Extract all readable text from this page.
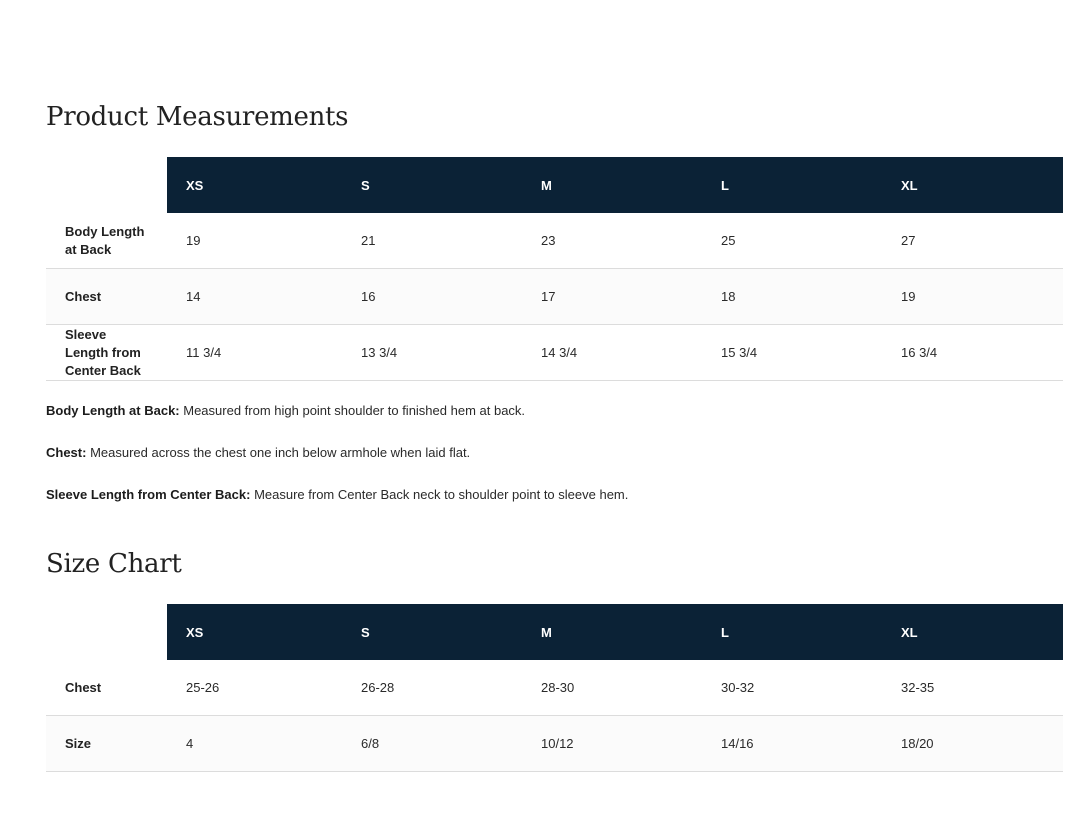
Product Measurements
	XS	S	M	L	XL
Body Length at Back	19	21	23	25	27
Chest	14	16	17	18	19
Sleeve Length from Center Back	11 3/4	13 3/4	14 3/4	15 3/4	16 3/4

Body Length at Back: Measured from high point shoulder to finished hem at back.

Chest: Measured across the chest one inch below armhole when laid flat.

Sleeve Length from Center Back: Measure from Center Back neck to shoulder point to sleeve hem.

Size Chart
	XS	S	M	L	XL
Chest	25-26	26-28	28-30	30-32	32-35
Size	4	6/8	10/12	14/16	18/20
